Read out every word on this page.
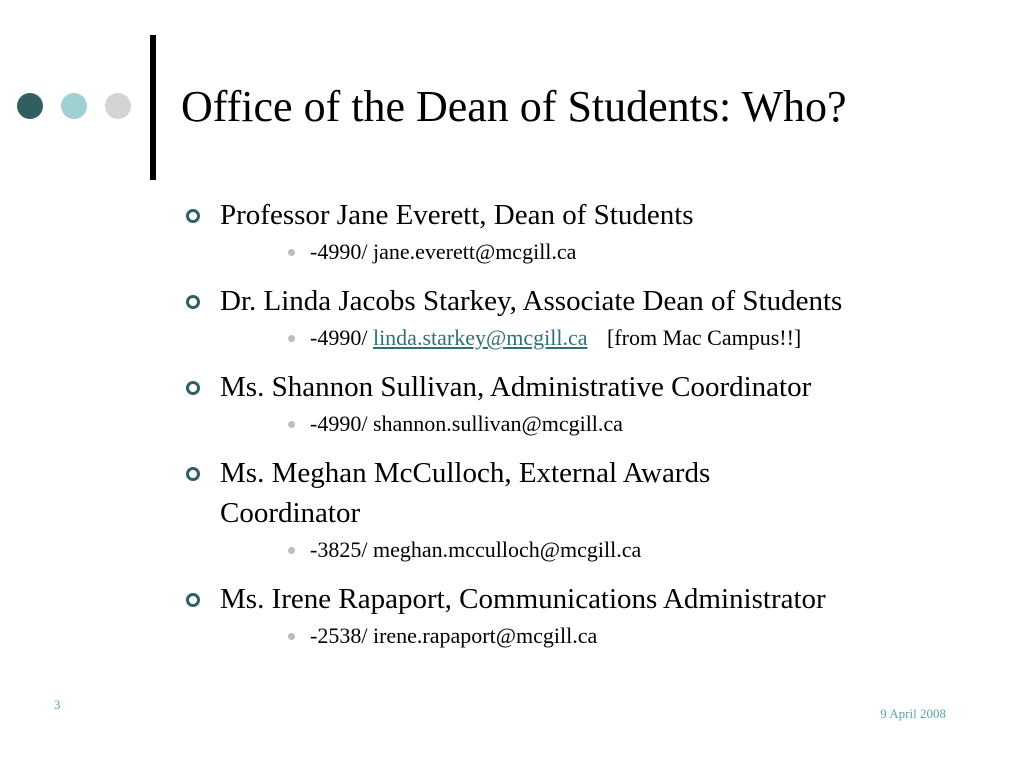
Office of the Dean of Students: Who?
Professor Jane Everett, Dean of Students
-4990/ jane.everett@mcgill.ca
Dr. Linda Jacobs Starkey, Associate Dean of Students
-4990/ linda.starkey@mcgill.ca [from Mac Campus!!]
Ms. Shannon Sullivan, Administrative Coordinator
-4990/ shannon.sullivan@mcgill.ca
Ms. Meghan McCulloch, External Awards Coordinator
-3825/ meghan.mcculloch@mcgill.ca
Ms. Irene Rapaport, Communications Administrator
-2538/ irene.rapaport@mcgill.ca
3
9 April 2008
